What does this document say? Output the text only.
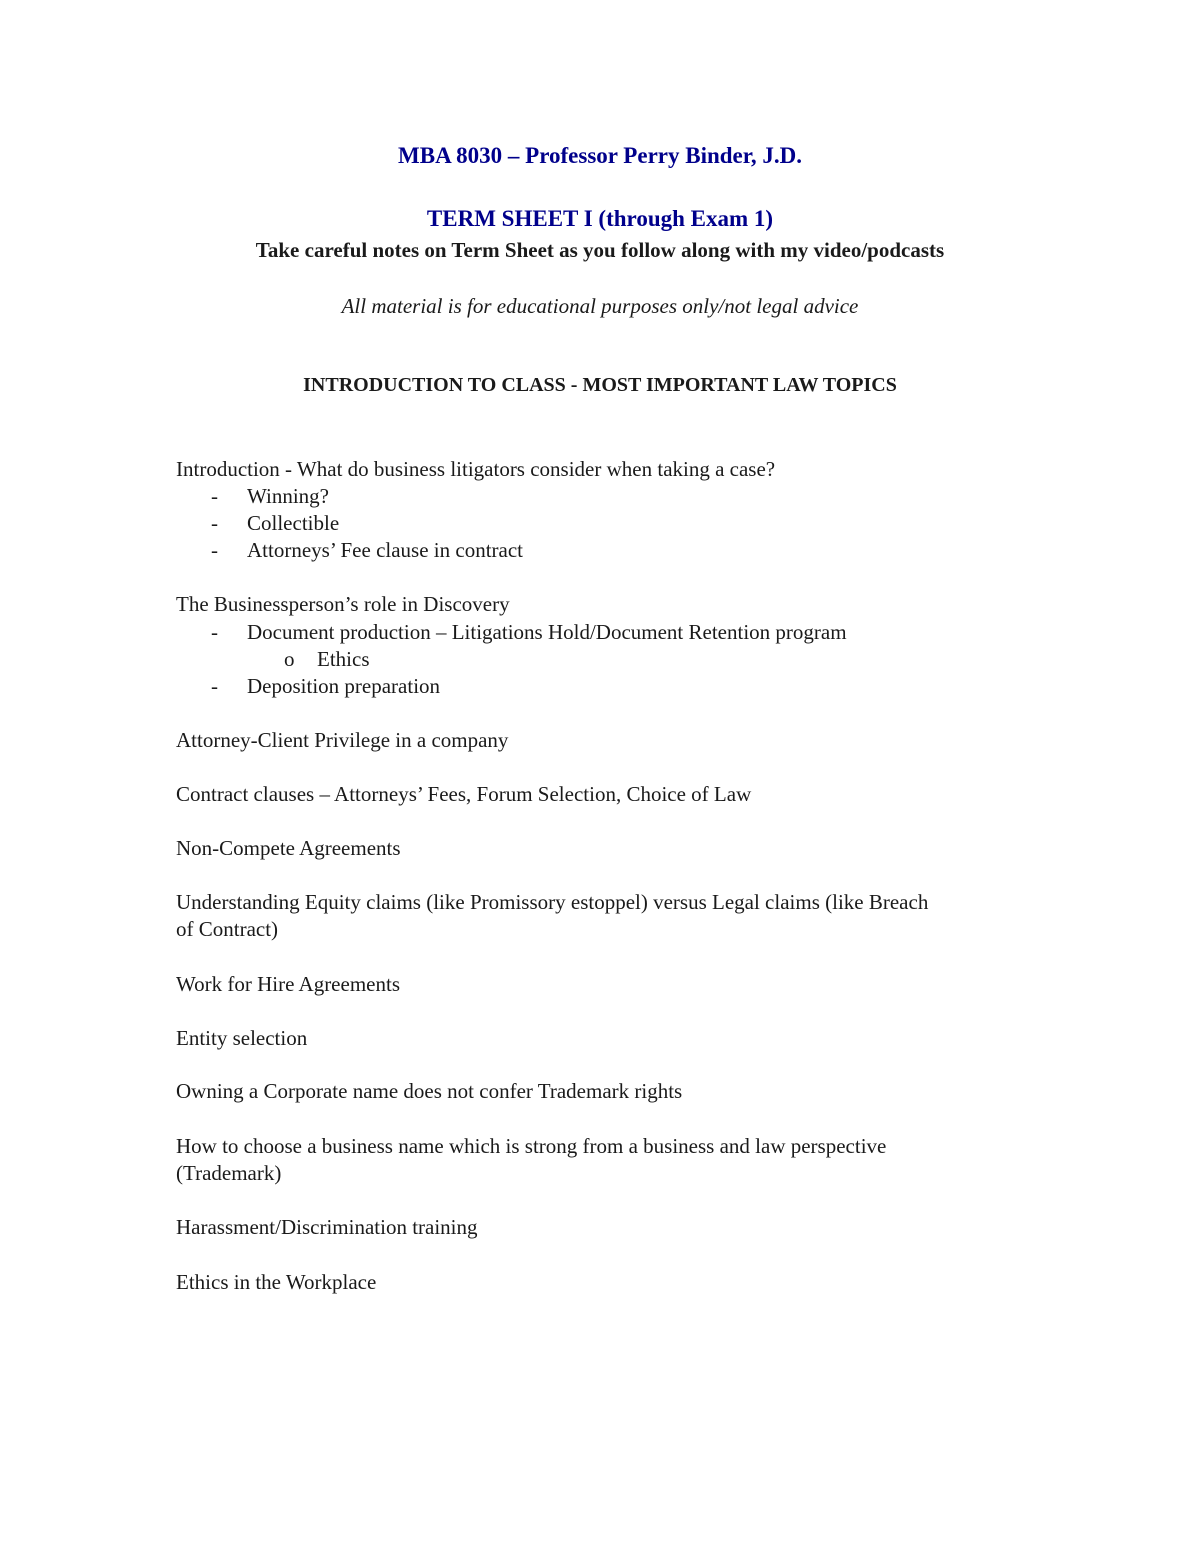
MBA 8030 – Professor Perry Binder, J.D.
TERM SHEET I (through Exam 1)
Take careful notes on Term Sheet as you follow along with my video/podcasts
All material is for educational purposes only/not legal advice
INTRODUCTION TO CLASS - MOST IMPORTANT LAW TOPICS
Introduction - What do business litigators consider when taking a case?
- Winning?
- Collectible
- Attorneys’ Fee clause in contract
The Businessperson’s role in Discovery
- Document production – Litigations Hold/Document Retention program
o Ethics
- Deposition preparation
Attorney-Client Privilege in a company
Contract clauses – Attorneys’ Fees, Forum Selection, Choice of Law
Non-Compete Agreements
Understanding Equity claims (like Promissory estoppel) versus Legal claims (like Breach
of Contract)
Work for Hire Agreements
Entity selection
Owning a Corporate name does not confer Trademark rights
How to choose a business name which is strong from a business and law perspective
(Trademark)
Harassment/Discrimination training
Ethics in the Workplace
